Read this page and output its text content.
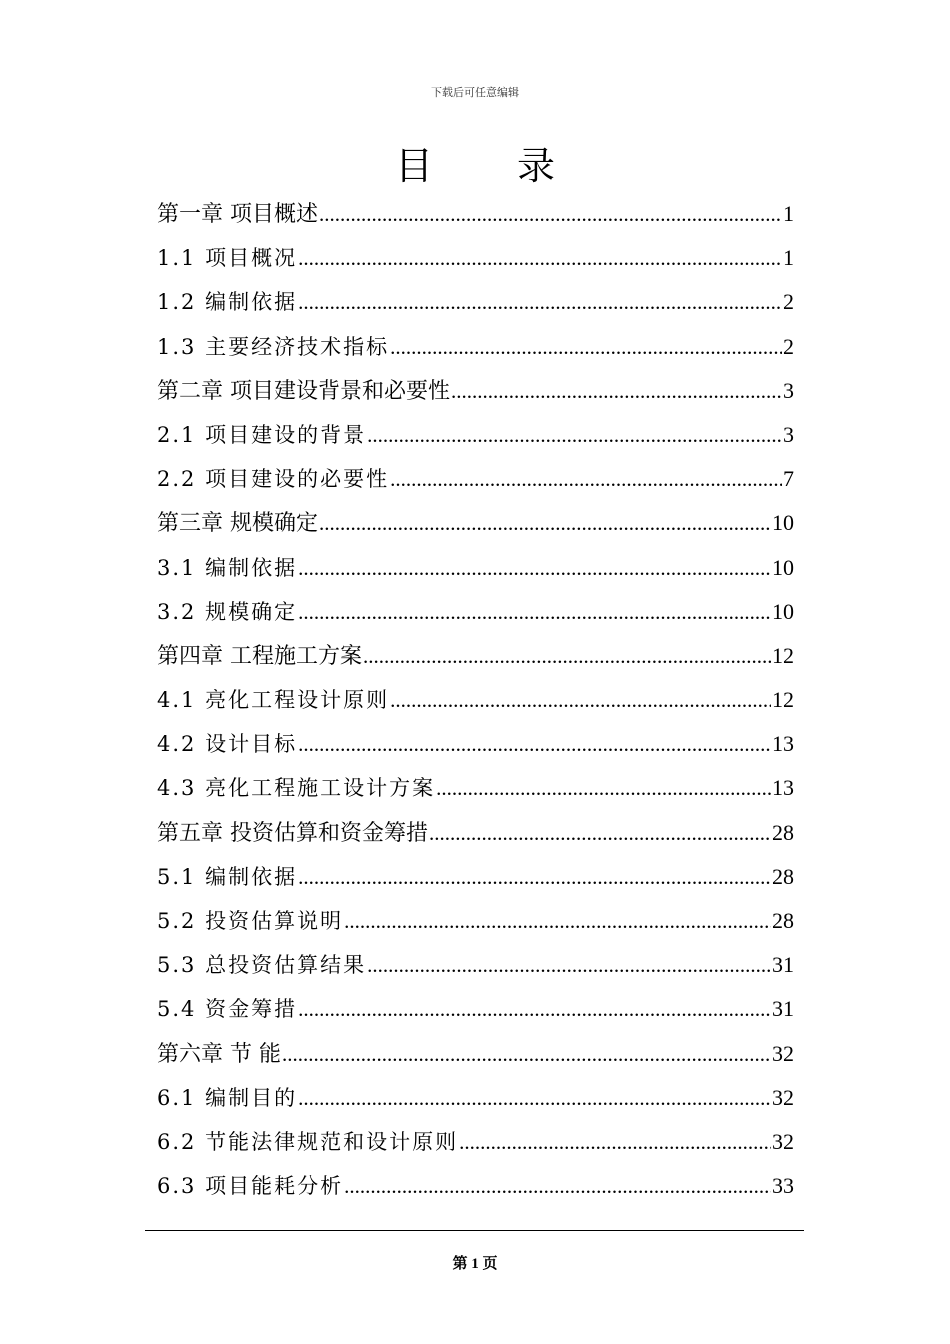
下载后可任意编辑
目 录
第一章 项目概述 .....	1
1.1 项目概况 .....	1
1.2 编制依据 .....	2
1.3 主要经济技术指标 .....	2
第二章 项目建设背景和必要性 .....	3
2.1 项目建设的背景 .....	3
2.2 项目建设的必要性 .....	7
第三章 规模确定 .....	10
3.1 编制依据 .....	10
3.2 规模确定 .....	10
第四章 工程施工方案 .....	12
4.1 亮化工程设计原则 .....	12
4.2 设计目标 .....	13
4.3 亮化工程施工设计方案 .....	13
第五章 投资估算和资金筹措 .....	28
5.1 编制依据 .....	28
5.2 投资估算说明 .....	28
5.3 总投资估算结果 .....	31
5.4 资金筹措 .....	31
第六章 节 能 .....	32
6.1 编制目的 .....	32
6.2 节能法律规范和设计原则 .....	32
6.3 项目能耗分析 .....	33
第 1 页
